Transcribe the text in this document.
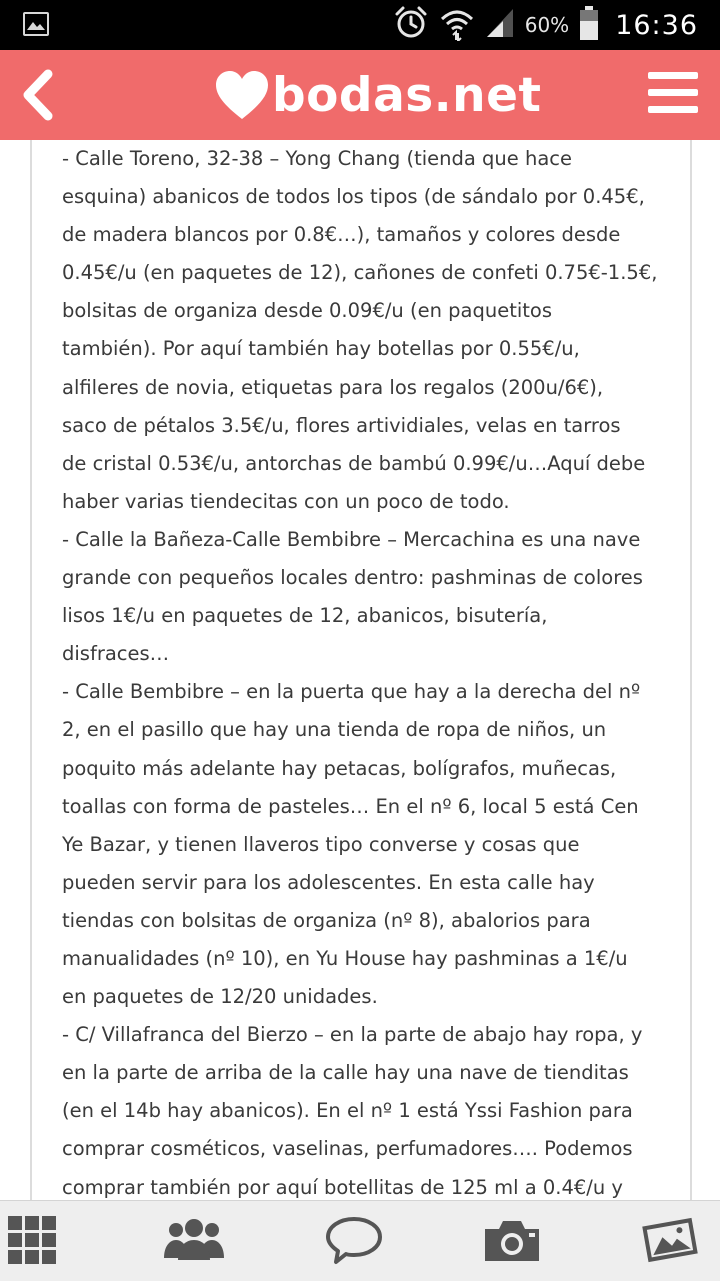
60% 16:36
bodas.net
- Calle Toreno, 32-38 – Yong Chang (tienda que hace
esquina) abanicos de todos los tipos (de sándalo por 0.45€,
de madera blancos por 0.8€…), tamaños y colores desde
0.45€/u (en paquetes de 12), cañones de confeti 0.75€-1.5€,
bolsitas de organiza desde 0.09€/u (en paquetitos
también). Por aquí también hay botellas por 0.55€/u,
alfileres de novia, etiquetas para los regalos (200u/6€),
saco de pétalos 3.5€/u, flores artividiales, velas en tarros
de cristal 0.53€/u, antorchas de bambú 0.99€/u…Aquí debe
haber varias tiendecitas con un poco de todo.
- Calle la Bañeza-Calle Bembibre – Mercachina es una nave
grande con pequeños locales dentro: pashminas de colores
lisos 1€/u en paquetes de 12, abanicos, bisutería,
disfraces…
- Calle Bembibre – en la puerta que hay a la derecha del nº
2, en el pasillo que hay una tienda de ropa de niños, un
poquito más adelante hay petacas, bolígrafos, muñecas,
toallas con forma de pasteles… En el nº 6, local 5 está Cen
Ye Bazar, y tienen llaveros tipo converse y cosas que
pueden servir para los adolescentes. En esta calle hay
tiendas con bolsitas de organiza (nº 8), abalorios para
manualidades (nº 10), en Yu House hay pashminas a 1€/u
en paquetes de 12/20 unidades.
- C/ Villafranca del Bierzo – en la parte de abajo hay ropa, y
en la parte de arriba de la calle hay una nave de tienditas
(en el 14b hay abanicos). En el nº 1 está Yssi Fashion para
comprar cosméticos, vaselinas, perfumadores…. Podemos
comprar también por aquí botellitas de 125 ml a 0.4€/u y
